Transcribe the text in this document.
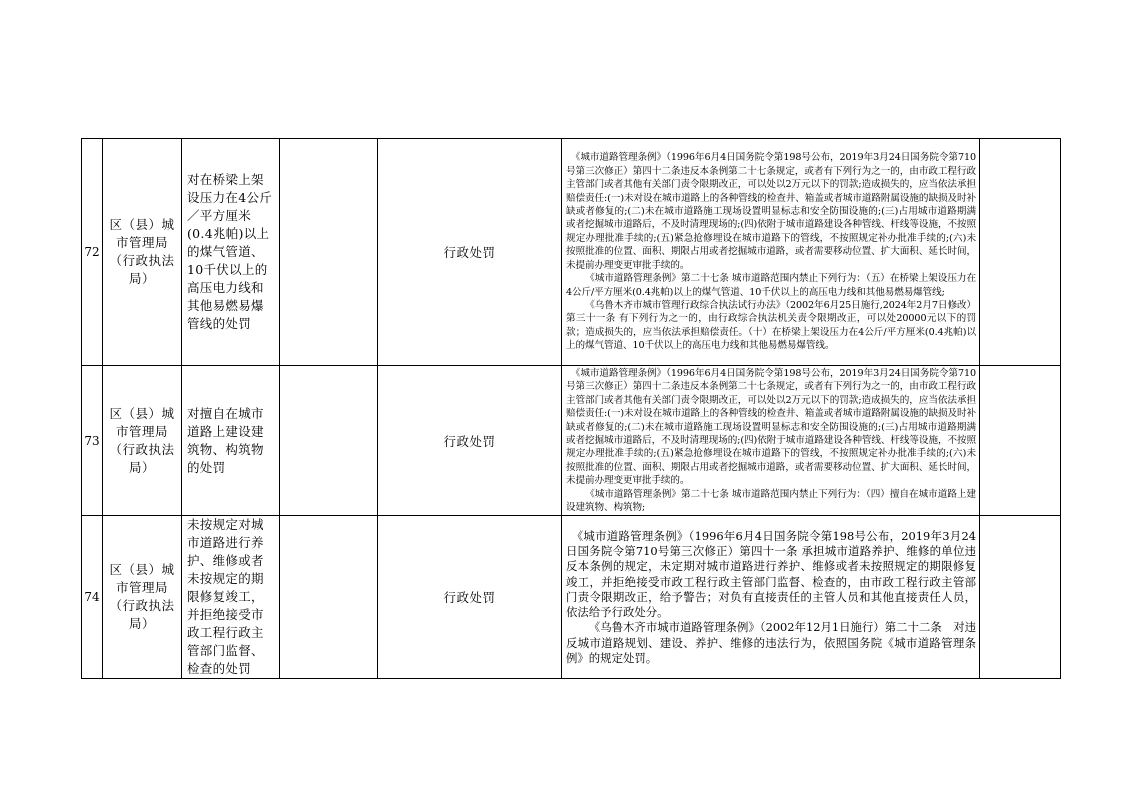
72	区（县）城市管理局（行政执法局）	对在桥梁上架设压力在4公斤／平方厘米(0.4兆帕)以上的煤气管道、10千伏以上的高压电力线和其他易燃易爆管线的处罚		行政处罚	《城市道路管理条例》（1996年6月4日国务院令第198号公布，2019年3月24日国务院令第710号第三次修正）第四十二条违反本条例第二十七条规定，或者有下列行为之一的，由市政工程行政主管部门或者其他有关部门责令限期改正，可以处以2万元以下的罚款;造成损失的，应当依法承担赔偿责任:(一)未对设在城市道路上的各种管线的检查井、箱盖或者城市道路附属设施的缺损及时补缺或者修复的;(二)未在城市道路施工现场设置明显标志和安全防围设施的;(三)占用城市道路期满或者挖掘城市道路后，不及时清理现场的;(四)依附于城市道路建设各种管线、杆线等设施，不按照规定办理批准手续的;(五)紧急抢修埋设在城市道路下的管线，不按照规定补办批准手续的;(六)未按照批准的位置、面积、期限占用或者挖掘城市道路，或者需要移动位置、扩大面积、延长时间，未提前办理变更审批手续的。

《城市道路管理条例》第二十七条 城市道路范围内禁止下列行为：（五）在桥梁上架设压力在4公斤/平方厘米(0.4兆帕)以上的煤气管道、10千伏以上的高压电力线和其他易燃易爆管线;

《乌鲁木齐市城市管理行政综合执法试行办法》（2002年6月25日施行,2024年2月7日修改）第三十一条 有下列行为之一的，由行政综合执法机关责令限期改正，可以处20000元以下的罚款；造成损失的，应当依法承担赔偿责任。（十）在桥梁上架设压力在4公斤/平方厘米(0.4兆帕)以上的煤气管道、10千伏以上的高压电力线和其他易燃易爆管线。	

73	区（县）城市管理局（行政执法局）	对擅自在城市道路上建设建筑物、构筑物的处罚		行政处罚	《城市道路管理条例》（1996年6月4日国务院令第198号公布，2019年3月24日国务院令第710号第三次修正）第四十二条违反本条例第二十七条规定，或者有下列行为之一的，由市政工程行政主管部门或者其他有关部门责令限期改正，可以处以2万元以下的罚款;造成损失的，应当依法承担赔偿责任:(一)未对设在城市道路上的各种管线的检查井、箱盖或者城市道路附属设施的缺损及时补缺或者修复的;(二)未在城市道路施工现场设置明显标志和安全防围设施的;(三)占用城市道路期满或者挖掘城市道路后，不及时清理现场的;(四)依附于城市道路建设各种管线、杆线等设施，不按照规定办理批准手续的;(五)紧急抢修埋设在城市道路下的管线，不按照规定补办批准手续的;(六)未按照批准的位置、面积、期限占用或者挖掘城市道路，或者需要移动位置、扩大面积、延长时间，未提前办理变更审批手续的。

《城市道路管理条例》第二十七条 城市道路范围内禁止下列行为：（四）擅自在城市道路上建设建筑物、构筑物;	

74	区（县）城市管理局（行政执法局）	未按规定对城市道路进行养护、维修或者未按规定的期限修复竣工，并拒绝接受市政工程行政主管部门监督、检查的处罚		行政处罚	《城市道路管理条例》（1996年6月4日国务院令第198号公布，2019年3月24日国务院令第710号第三次修正）第四十一条 承担城市道路养护、维修的单位违反本条例的规定，未定期对城市道路进行养护、维修或者未按照规定的期限修复竣工，并拒绝接受市政工程行政主管部门监督、检查的，由市政工程行政主管部门责令限期改正，给予警告；对负有直接责任的主管人员和其他直接责任人员，依法给予行政处分。

《乌鲁木齐市城市道路管理条例》（2002年12月1日施行）第二十二条　对违反城市道路规划、建设、养护、维修的违法行为，依照国务院《城市道路管理条例》的规定处罚。	
